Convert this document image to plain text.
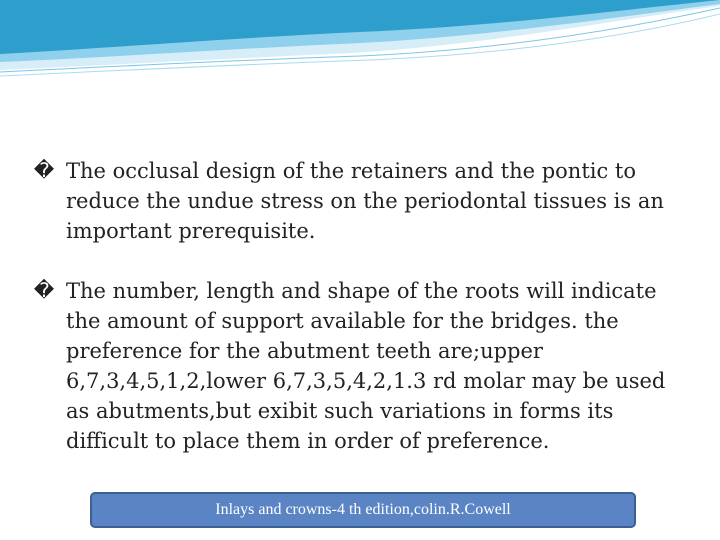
� The occlusal design of the retainers and the pontic to reduce the undue stress on the periodontal tissues is an important prerequisite.
� The number, length and shape of the roots will indicate the amount of support available for the bridges. the preference for the abutment teeth are;upper 6,7,3,4,5,1,2,lower 6,7,3,5,4,2,1.3 rd molar may be used as abutments,but exibit such variations in forms its difficult to place them in order of preference.
Inlays and crowns-4 th edition,colin.R.Cowell
